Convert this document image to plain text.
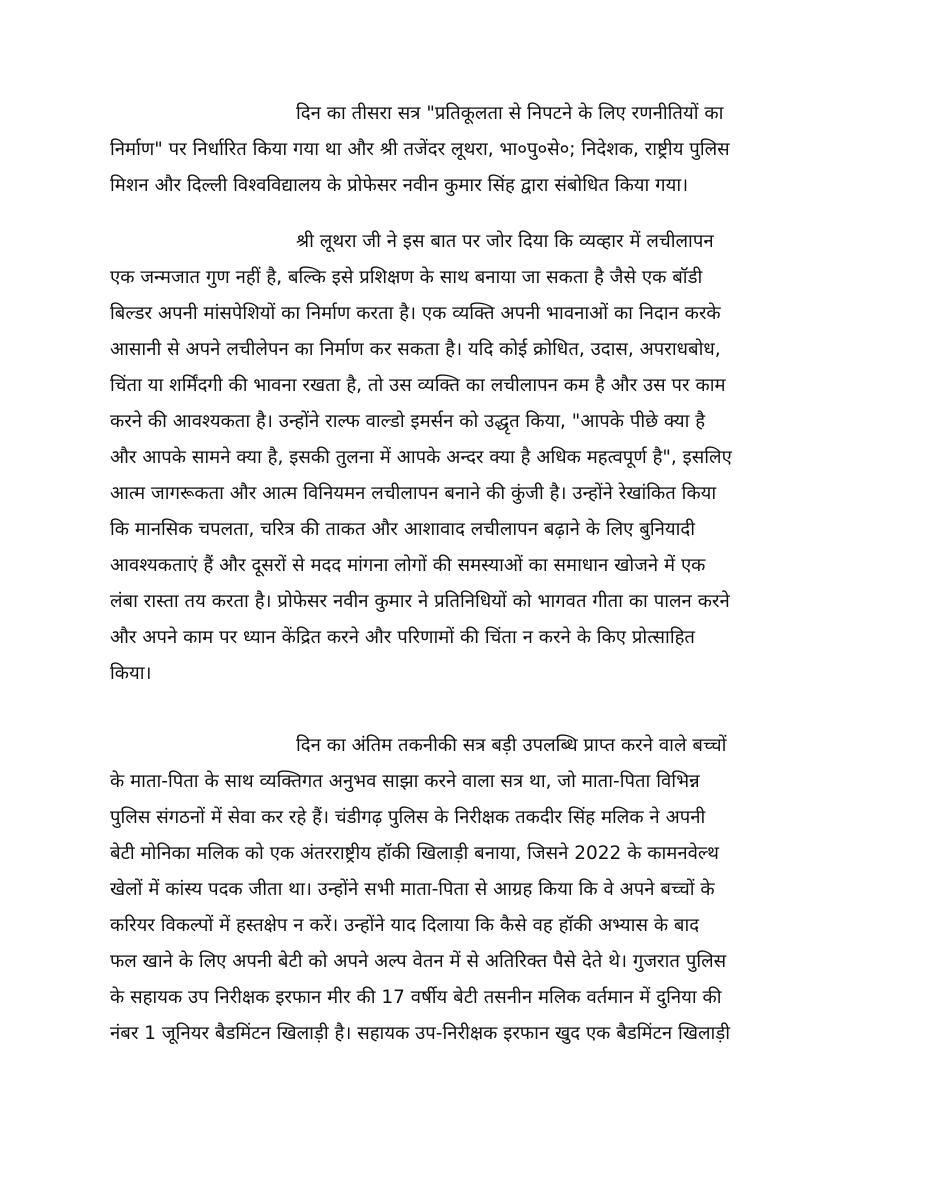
दिन का तीसरा सत्र "प्रतिकूलता से निपटने के लिए रणनीतियों का
निर्माण" पर निर्धारित किया गया था और श्री तजेंदर लूथरा, भा०पु०से०; निदेशक, राष्ट्रीय पुलिस
मिशन और दिल्ली विश्वविद्यालय के प्रोफेसर नवीन कुमार सिंह द्वारा संबोधित किया गया।
श्री लूथरा जी ने इस बात पर जोर दिया कि व्यव्हार में लचीलापन
एक जन्मजात गुण नहीं है, बल्कि इसे प्रशिक्षण के साथ बनाया जा सकता है जैसे एक बॉडी
बिल्डर अपनी मांसपेशियों का निर्माण करता है। एक व्यक्ति अपनी भावनाओं का निदान करके
आसानी से अपने लचीलेपन का निर्माण कर सकता है। यदि कोई क्रोधित, उदास, अपराधबोध,
चिंता या शर्मिंदगी की भावना रखता है, तो उस व्यक्ति का लचीलापन कम है और उस पर काम
करने की आवश्यकता है। उन्होंने राल्फ वाल्डो इमर्सन को उद्धृत किया, "आपके पीछे क्या है
और आपके सामने क्या है, इसकी तुलना में आपके अन्दर क्या है अधिक महत्वपूर्ण है", इसलिए
आत्म जागरूकता और आत्म विनियमन लचीलापन बनाने की कुंजी है। उन्होंने रेखांकित किया
कि मानसिक चपलता, चरित्र की ताकत और आशावाद लचीलापन बढ़ाने के लिए बुनियादी
आवश्यकताएं हैं और दूसरों से मदद मांगना लोगों की समस्याओं का समाधान खोजने में एक
लंबा रास्ता तय करता है। प्रोफेसर नवीन कुमार ने प्रतिनिधियों को भागवत गीता का पालन करने
और अपने काम पर ध्यान केंद्रित करने और परिणामों की चिंता न करने के किए प्रोत्साहित
किया।
दिन का अंतिम तकनीकी सत्र बड़ी उपलब्धि प्राप्त करने वाले बच्चों
के माता-पिता के साथ व्यक्तिगत अनुभव साझा करने वाला सत्र था, जो माता-पिता विभिन्न
पुलिस संगठनों में सेवा कर रहे हैं। चंडीगढ़ पुलिस के निरीक्षक तकदीर सिंह मलिक ने अपनी
बेटी मोनिका मलिक को एक अंतरराष्ट्रीय हॉकी खिलाड़ी बनाया, जिसने 2022 के कामनवेल्थ
खेलों में कांस्य पदक जीता था। उन्होंने सभी माता-पिता से आग्रह किया कि वे अपने बच्चों के
करियर विकल्पों में हस्तक्षेप न करें। उन्होंने याद दिलाया कि कैसे वह हॉकी अभ्यास के बाद
फल खाने के लिए अपनी बेटी को अपने अल्प वेतन में से अतिरिक्त पैसे देते थे। गुजरात पुलिस
के सहायक उप निरीक्षक इरफान मीर की 17 वर्षीय बेटी तसनीन मलिक वर्तमान में दुनिया की
नंबर 1 जूनियर बैडमिंटन खिलाड़ी है। सहायक उप-निरीक्षक इरफान खुद एक बैडमिंटन खिलाड़ी
